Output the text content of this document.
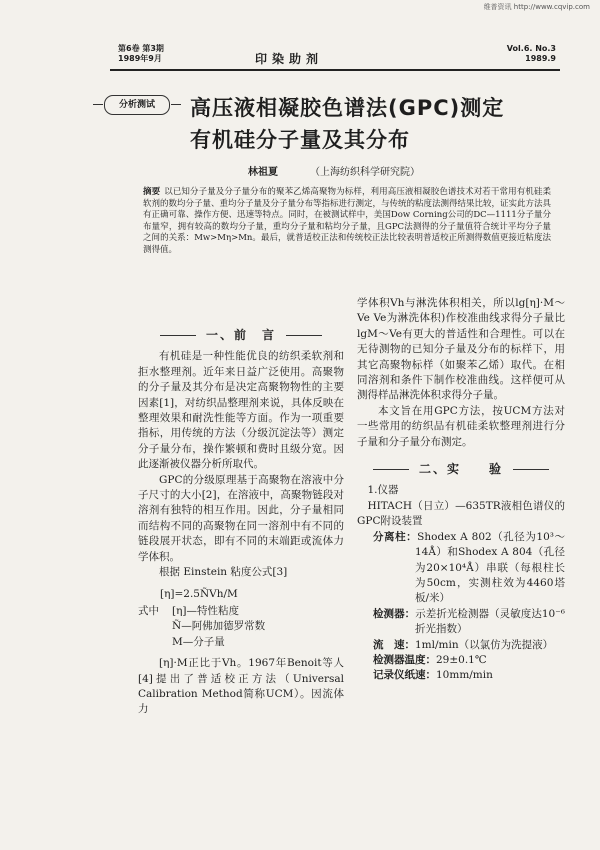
维普资讯 http://www.cqvip.com
第6卷 第3期
1989年9月	印染助剂
Vol.6. No.3
1989.9
分析测试	高压液相凝胶色谱法(GPC)测定
有机硅分子量及其分布
林祖夏	（上海纺织科学研究院）
摘要 以已知分子量及分子量分布的聚苯乙烯高聚物为标样，利用高压液相凝胶色谱技术对若干常用有机硅柔软剂的数均分子量、重均分子量及分子量分布等指标进行测定，与传统的粘度法测得结果比较，证实此方法具有正确可靠、操作方便、迅速等特点。同时，在被测试样中，美国Dow Corning公司的DC—1111分子量分布量窄，拥有较高的数均分子量，重均分子量和粘均分子量，且GPC法测得的分子量值符合统计平均分子量之间的关系：Mw>Mη>Mn。最后，就普适校正法和传统校正法比较表明普适校正所测得数值更接近粘度法测得值。
一、前　言

有机硅是一种性能优良的纺织柔软剂和拒水整理剂。近年来日益广泛使用。高聚物的分子量及其分布是决定高聚物物性的主要因素[1]，对纺织品整理剂来说，具体反映在整理效果和耐洗性能等方面。作为一项重要指标，用传统的方法（分级沉淀法等）测定分子量分布，操作繁顿和费时且级分宽。因此逐渐被仪器分析所取代。

GPC的分级原理基于高聚物在溶液中分子尺寸的大小[2]，在溶液中，高聚物链段对溶剂有独特的相互作用。因此，分子量相同而结构不同的高聚物在同一溶剂中有不同的链段展开状态，即有不同的末端距或流体力学体积。

根据 Einstein 粘度公式[3]

[η]=2.5ÑVh/M
式中 [η]—特性粘度
Ñ—阿佛加德罗常数
M—分子量

[η]·M正比于Vh。1967年Benoit等人[4]提出了普适校正方法（Universal Calibration Method简称UCM）。因流体力

学体积Vh与淋洗体积相关，所以lg[η]·M～Ve Ve为淋洗体积)作校准曲线求得分子量比lgM～Ve有更大的普适性和合理性。可以在无待测物的已知分子量及分布的标样下，用其它高聚物标样（如聚苯乙烯）取代。在相同溶剂和条件下制作校准曲线。这样便可从测得样品淋洗体积求得分子量。

本文旨在用GPC方法，按UCM方法对一些常用的纺织品有机硅柔软整理剂进行分子量和分子量分布测定。

二、实　　验

1.仪器

HITACH（日立）—635TR液相色谱仪的GPC附设装置

分离柱：Shodex A 802（孔径为10³～14Å）和Shodex A 804（孔径为20×10⁴Å）串联（每根柱长为50cm，实测柱效为4460塔板/米）

检测器：示差折光检测器（灵敏度达10⁻⁶折光指数）

流　速：1ml/min（以氯仿为洗提液）

检测器温度：29±0.1℃

记录仪纸速：10mm/min
